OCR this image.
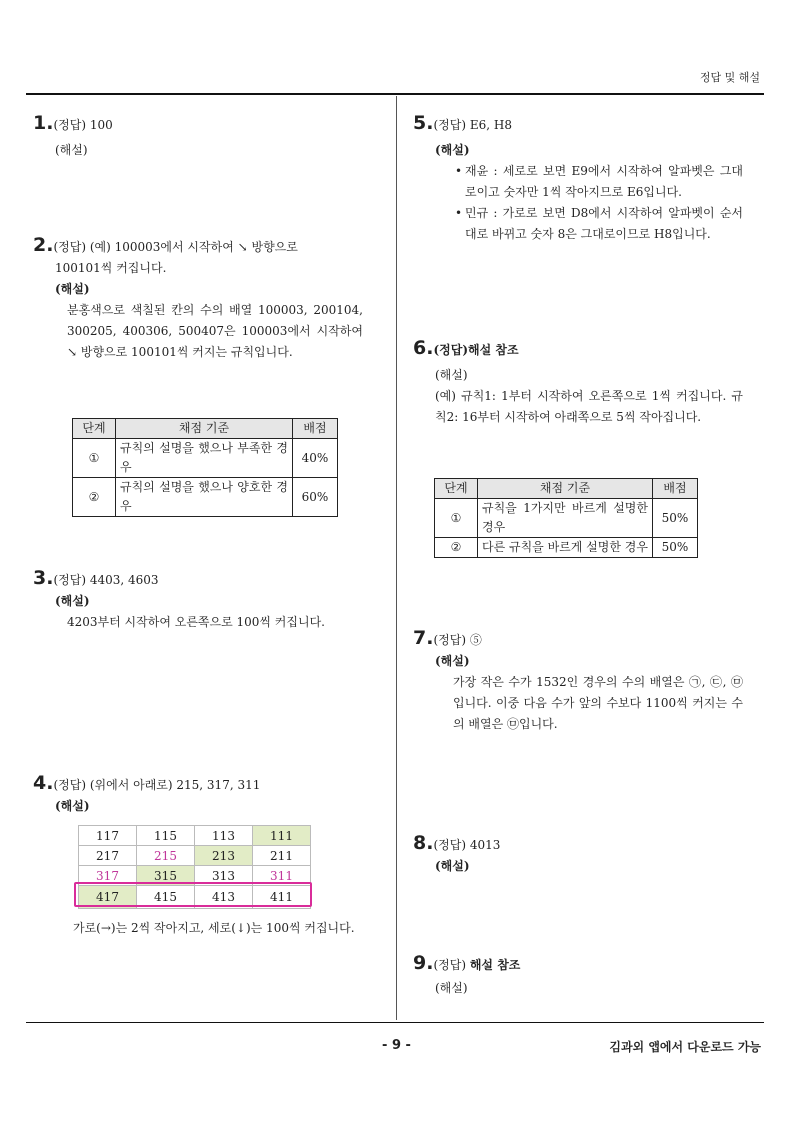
정답 및 해설
1.(정답) 100
(해설)
2.(정답) (예) 100003에서 시작하여 ↘ 방향으로
100101씩 커집니다.
(해설)
분홍색으로 색칠된 칸의 수의 배열 100003, 200104, 300205, 400306, 500407은 100003에서 시작하여 ↘ 방향으로 100101씩 커지는 규칙입니다.
단계	채점 기준	배점
①	규칙의 설명을 했으나 부족한 경우	40%
②	규칙의 설명을 했으나 양호한 경우	60%
3.(정답) 4403, 4603
(해설)
4203부터 시작하여 오른쪽으로 100씩 커집니다.
4.(정답) (위에서 아래로) 215, 317, 311
(해설)
117	115	113	111
217	215	213	211
317	315	313	311
417	415	413	411
가로(→)는 2씩 작아지고, 세로(↓)는 100씩 커집니다.
5.(정답) E6, H8
(해설)
• 재윤 : 세로로 보면 E9에서 시작하여 알파벳은 그대로이고 숫자만 1씩 작아지므로 E6입니다.
• 민규 : 가로로 보면 D8에서 시작하여 알파벳이 순서대로 바뀌고 숫자 8은 그대로이므로 H8입니다.
6.(정답)해설 참조
(해설)
(예) 규칙1: 1부터 시작하여 오른쪽으로 1씩 커집니다. 규칙2: 16부터 시작하여 아래쪽으로 5씩 작아집니다.
단계	채점 기준	배점
①	규칙을 1가지만 바르게 설명한 경우	50%
②	다른 규칙을 바르게 설명한 경우	50%
7.(정답) ⑤
(해설)
가장 작은 수가 1532인 경우의 수의 배열은 ㉠, ㉢, ㉤입니다. 이중 다음 수가 앞의 수보다 1100씩 커지는 수의 배열은 ㉤입니다.
8.(정답) 4013
(해설)
9.(정답) 해설 참조
(해설)
- 9 -	김과외 앱에서 다운로드 가능
